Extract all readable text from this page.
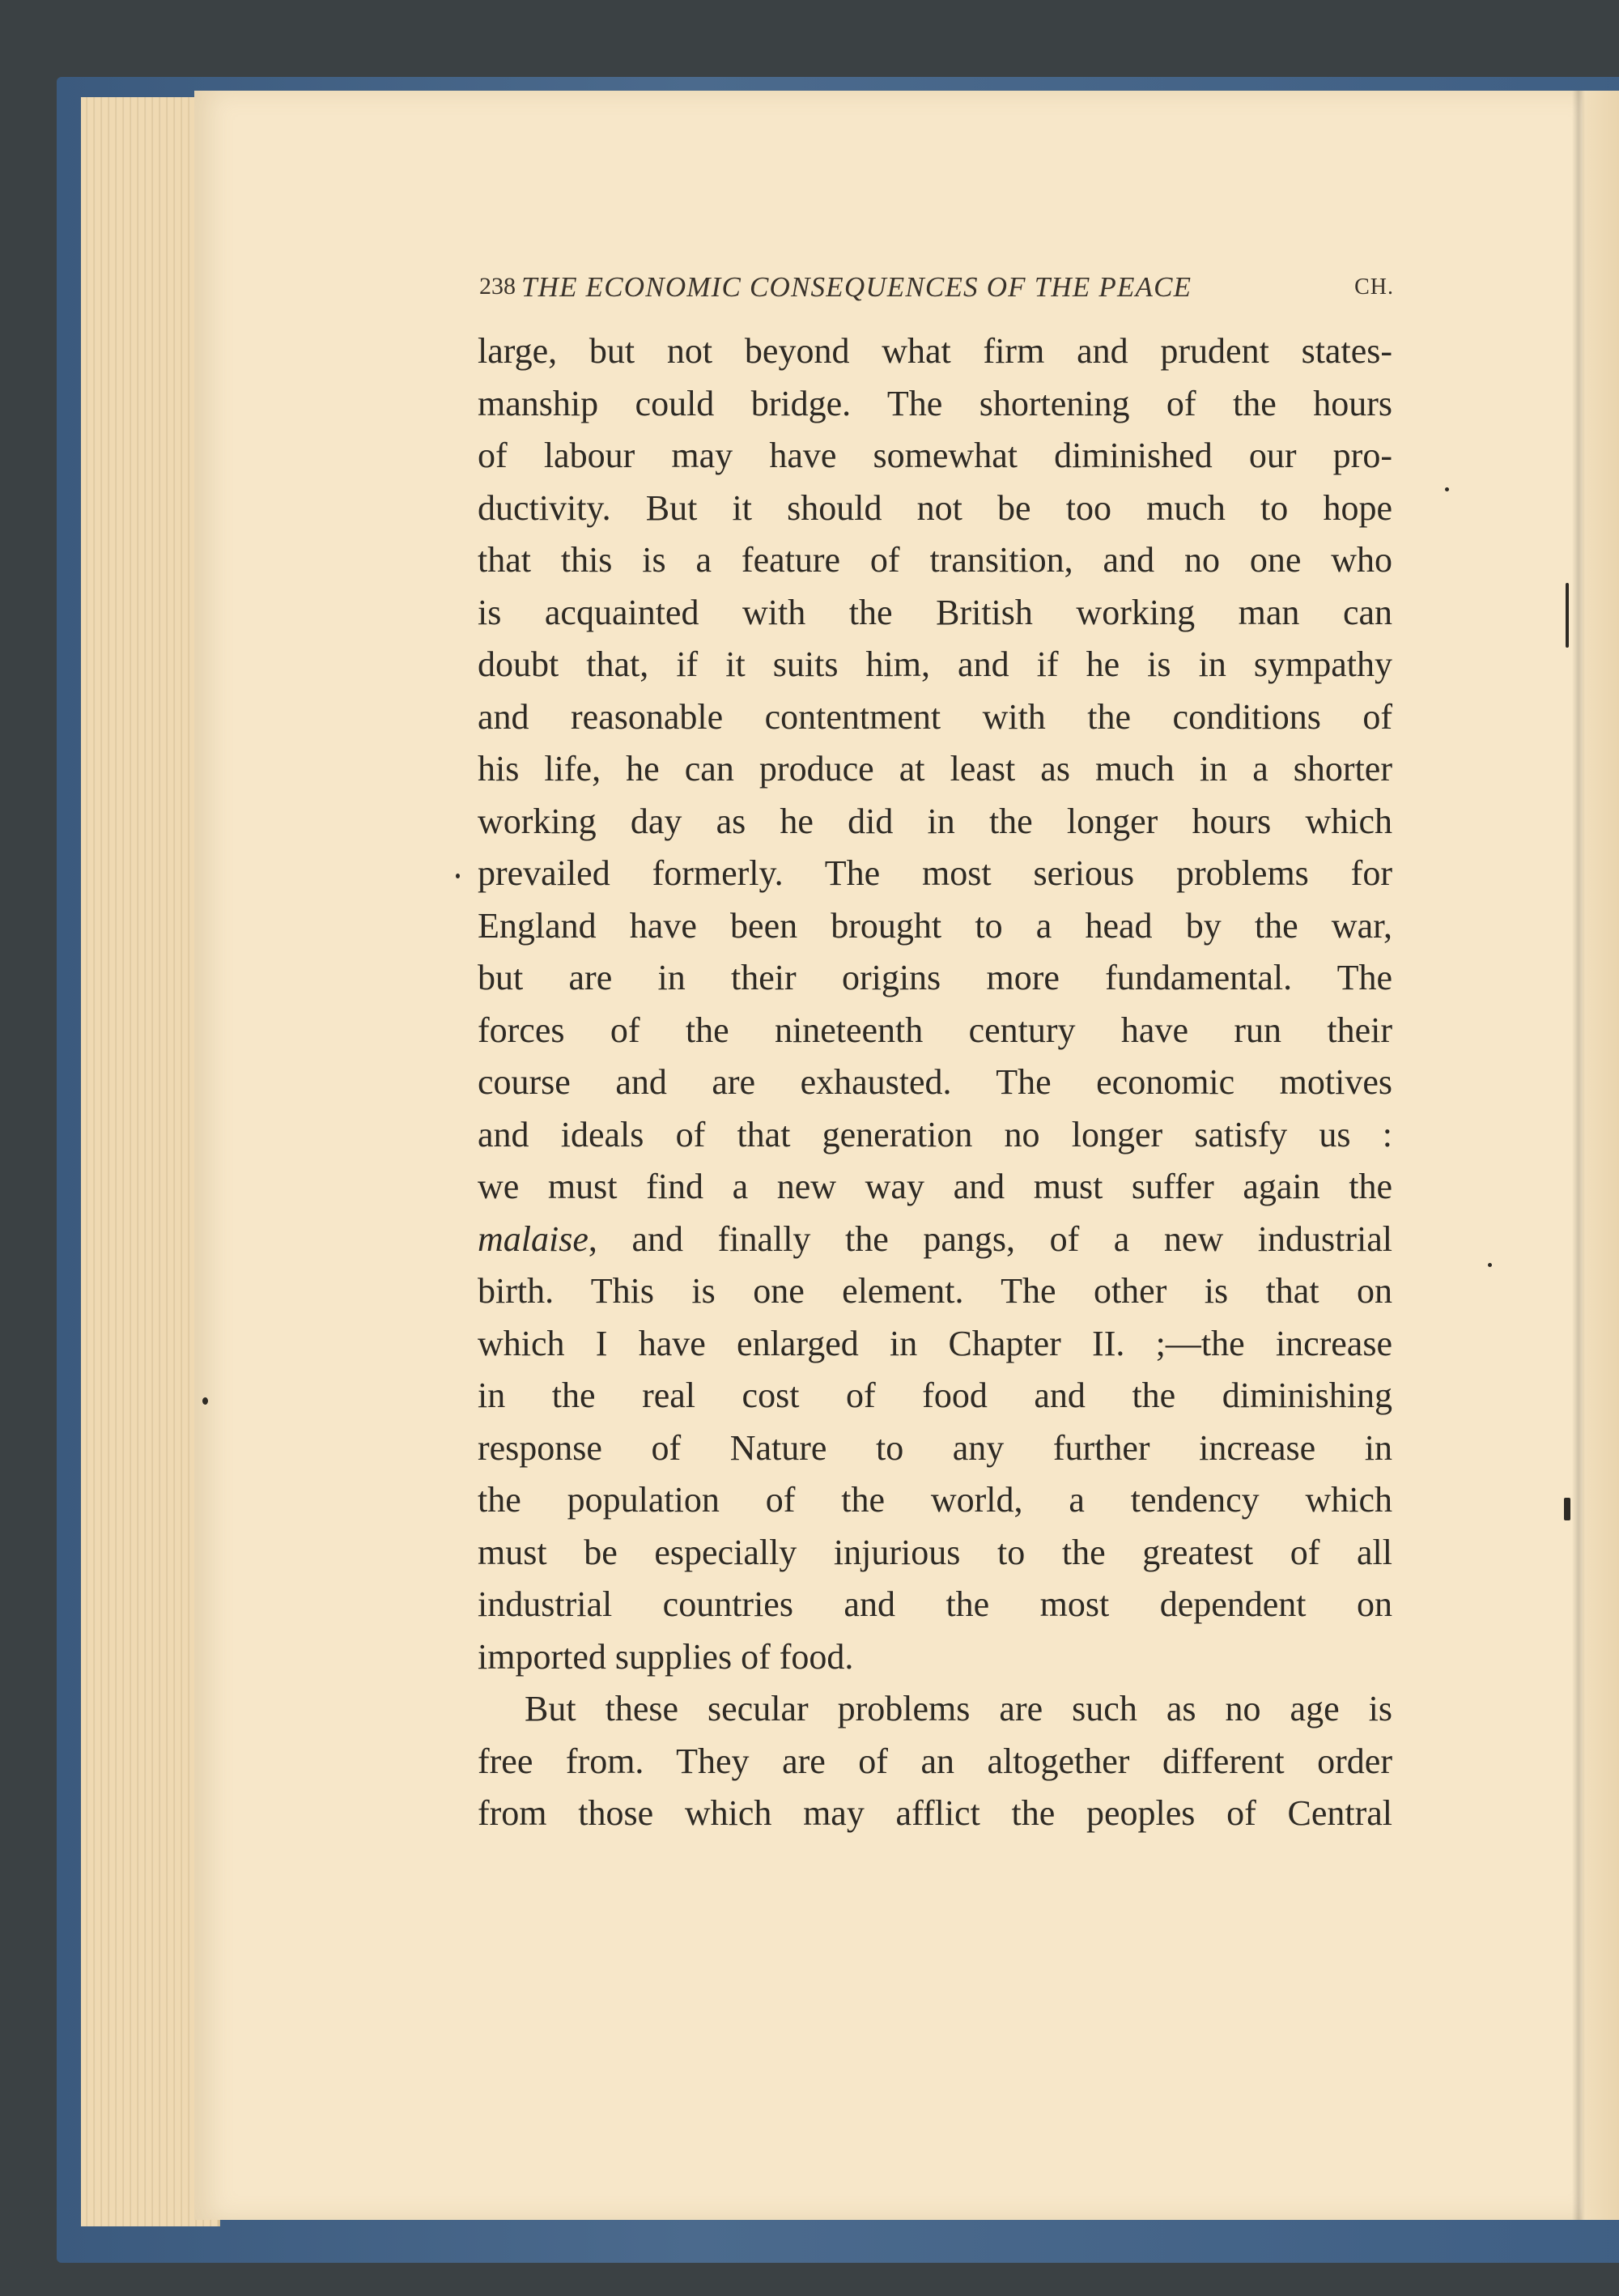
238 THE ECONOMIC CONSEQUENCES OF THE PEACE	CH.
large, but not beyond what firm and prudent states-
manship could bridge. The shortening of the hours
of labour may have somewhat diminished our pro-
ductivity. But it should not be too much to hope
that this is a feature of transition, and no one who
is acquainted with the British working man can
doubt that, if it suits him, and if he is in sympathy
and reasonable contentment with the conditions of
his life, he can produce at least as much in a shorter
working day as he did in the longer hours which
prevailed formerly. The most serious problems for
England have been brought to a head by the war,
but are in their origins more fundamental. The
forces of the nineteenth century have run their
course and are exhausted. The economic motives
and ideals of that generation no longer satisfy us :
we must find a new way and must suffer again the
malaise, and finally the pangs, of a new industrial
birth. This is one element. The other is that on
which I have enlarged in Chapter II. ;—the increase
in the real cost of food and the diminishing
response of Nature to any further increase in
the population of the world, a tendency which
must be especially injurious to the greatest of all
industrial countries and the most dependent on
imported supplies of food.
But these secular problems are such as no age is
free from. They are of an altogether different order
from those which may afflict the peoples of Central
